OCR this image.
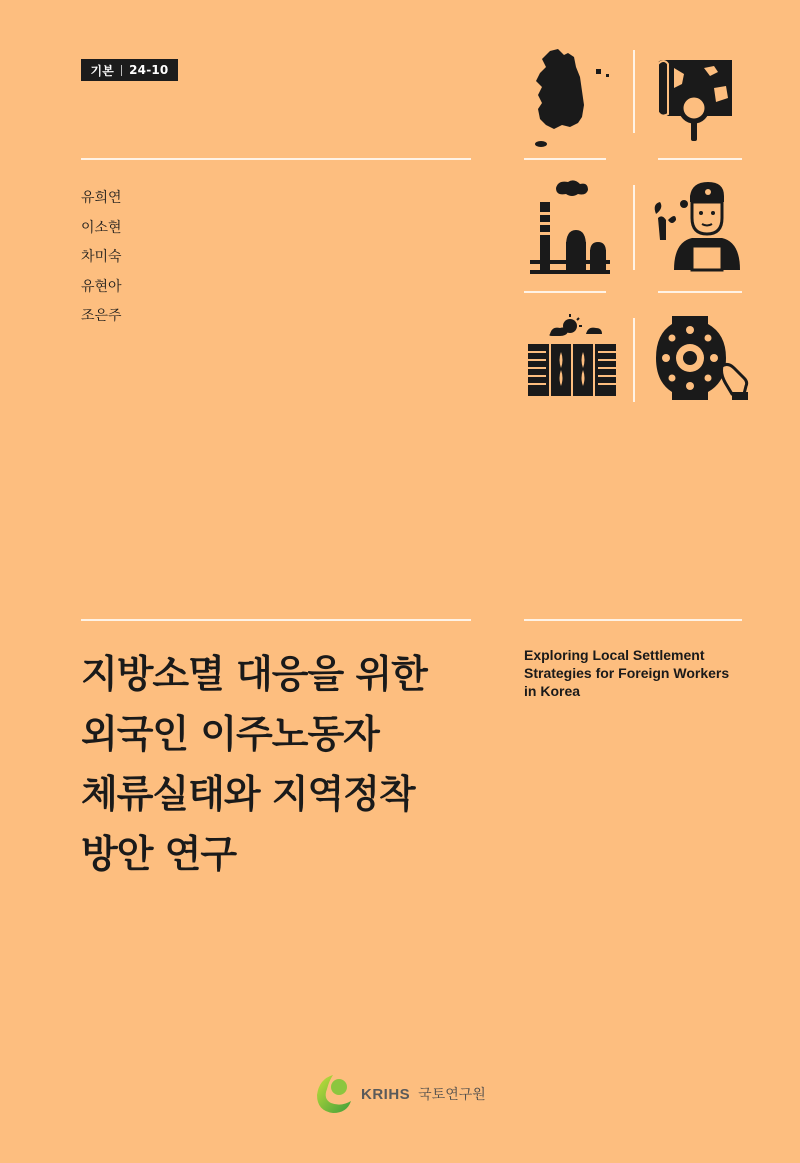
기본 24-10
유희연
이소현
차미숙
유현아
조은주
지방소멸 대응을 위한
외국인 이주노동자
체류실태와 지역정착
방안 연구
Exploring Local Settlement
Strategies for Foreign Workers
in Korea
KRIHS 국토연구원
